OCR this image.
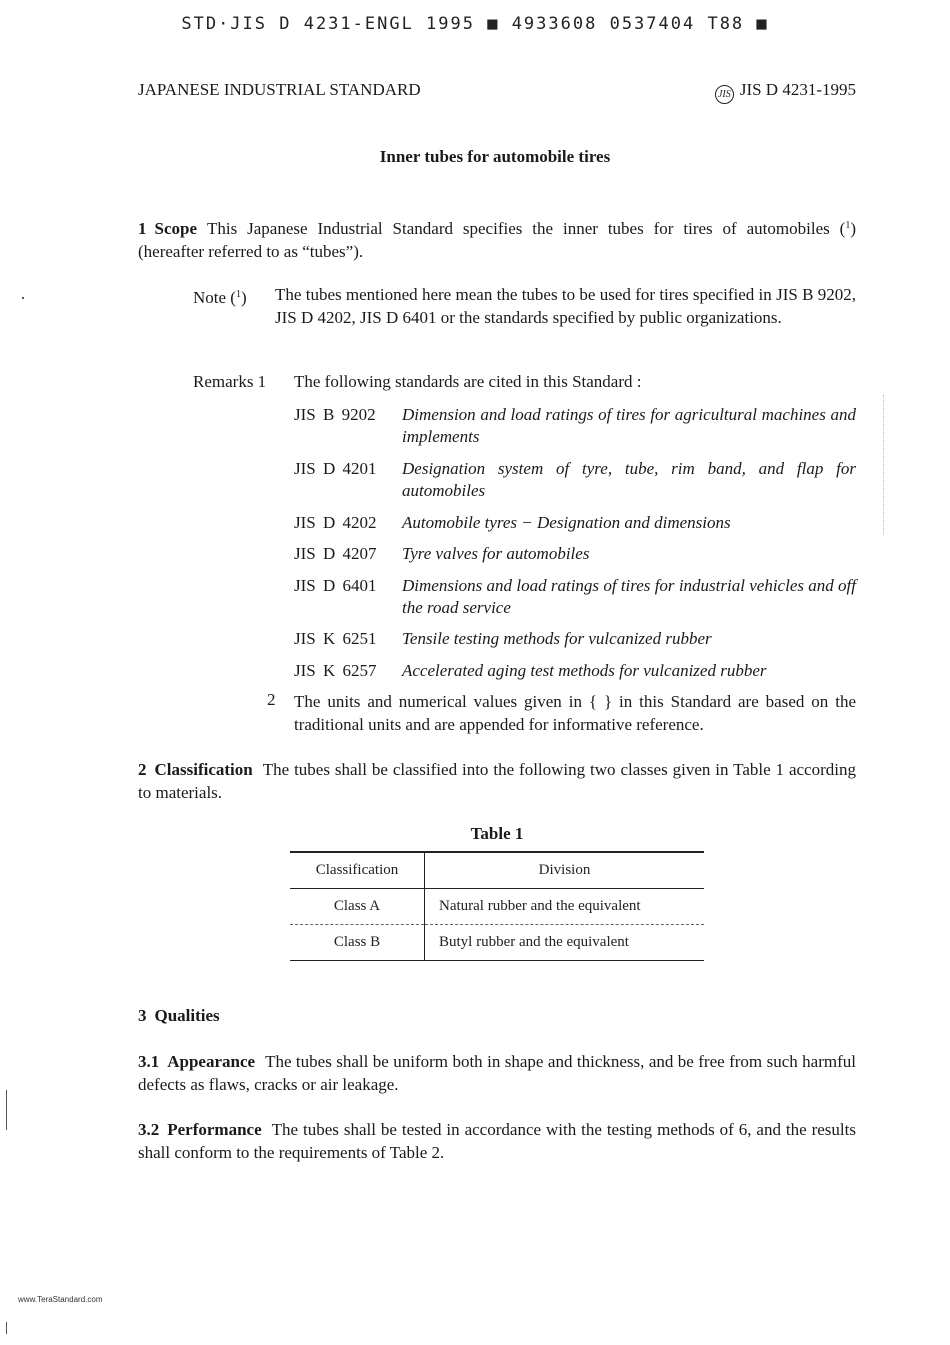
STD·JIS D 4231-ENGL 1995 ■ 4933608 0537404 T88 ■
JAPANESE INDUSTRIAL STANDARD	JIS JIS D 4231-1995
Inner tubes for automobile tires
1 Scope This Japanese Industrial Standard specifies the inner tubes for tires of automobiles ($^1$) (hereafter referred to as “tubes”).
Note ($^1$) The tubes mentioned here mean the tubes to be used for tires specified in JIS B 9202, JIS D 4202, JIS D 6401 or the standards specified by public organizations.
Remarks 1 The following standards are cited in this Standard :
JIS B 9202 Dimension and load ratings of tires for agricultural machines and implements
JIS D 4201 Designation system of tyre, tube, rim band, and flap for automobiles
JIS D 4202 Automobile tyres − Designation and dimensions
JIS D 4207 Tyre valves for automobiles
JIS D 6401 Dimensions and load ratings of tires for industrial vehicles and off the road service
JIS K 6251 Tensile testing methods for vulcanized rubber
JIS K 6257 Accelerated aging test methods for vulcanized rubber
2 The units and numerical values given in { } in this Standard are based on the traditional units and are appended for informative reference.
2 Classification The tubes shall be classified into the following two classes given in Table 1 according to materials.
Table 1
Classification	Division
Class A	Natural rubber and the equivalent
Class B	Butyl rubber and the equivalent
3 Qualities
3.1 Appearance The tubes shall be uniform both in shape and thickness, and be free from such harmful defects as flaws, cracks or air leakage.
3.2 Performance The tubes shall be tested in accordance with the testing methods of 6, and the results shall conform to the requirements of Table 2.
www.TeraStandard.com
